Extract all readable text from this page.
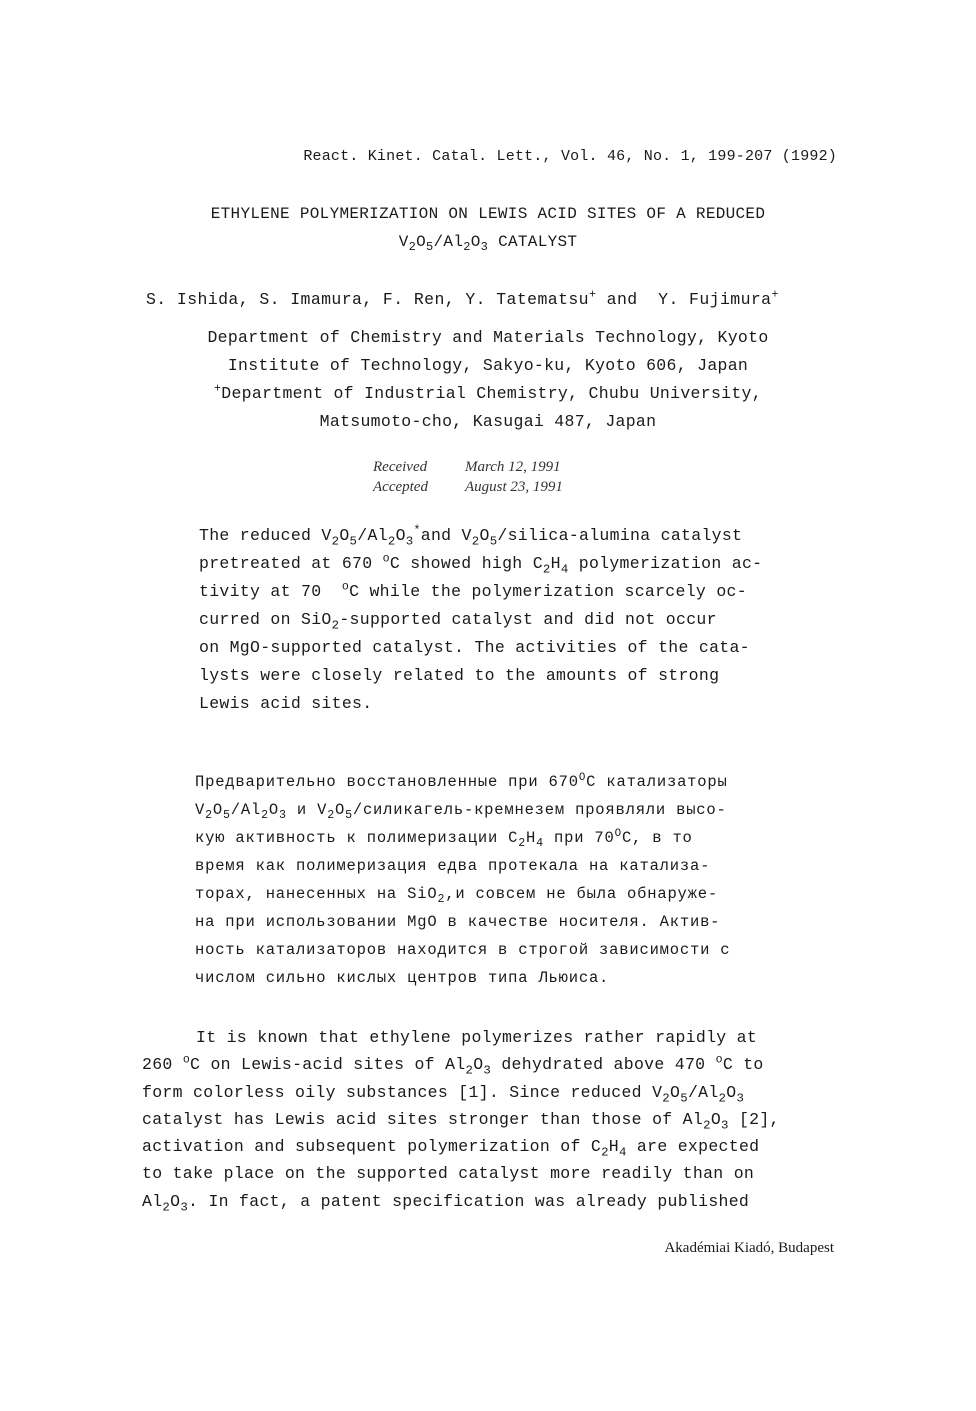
React. Kinet. Catal. Lett., Vol. 46, No. 1, 199-207 (1992)
ETHYLENE POLYMERIZATION ON LEWIS ACID SITES OF A REDUCED
$V_2O_5/Al_2O_3$ CATALYST
S. Ishida, S. Imamura, F. Ren, Y. Tatematsu+ and Y. Fujimura+
Department of Chemistry and Materials Technology, Kyoto
Institute of Technology, Sakyo-ku, Kyoto 606, Japan
+Department of Industrial Chemistry, Chubu University,
Matsumoto-cho, Kasugai 487, Japan
Received	March 12, 1991
Accepted August 23, 1991
The reduced $V_2O_5/Al_2O_3^*and$ $V_2O_5/silica$-alumina catalyst
pretreated at 670 $^o$C showed high $C_2H_4$ polymerization ac-
tivity at 70 $^o$C while the polymerization scarcely oc-
curred on SiO$_2$-supported catalyst and did not occur
on MgO-supported catalyst. The activities of the cata-
lysts were closely related to the amounts of strong
Lewis acid sites.
Предварительно восстановленные при $670^OC$ катализаторы
$V_2O_5/Al_2O_3$ и $V_2O_5/силикагель$-кремнезем проявляли высо-
кую активность к полимеризации $C_2H_4$ при $70^OC$, в то
время как полимеризация едва протекала на катализа-
торах, нанесенных на SiO$_2$,и совсем не была обнаруже-
на при использовании MgO в качестве носителя. Актив-
ность катализаторов находится в строгой зависимости с
числом сильно кислых центров типа Льюиса.
It is known that ethylene polymerizes rather rapidly at
260 $^o$C on Lewis-acid sites of $Al_2O_3$ dehydrated above 470 $^o$C to
form colorless oily substances [1]. Since reduced $V_2O_5/Al_2O_3$
catalyst has Lewis acid sites stronger than those of $Al_2O_3$ [2],
activation and subsequent polymerization of $C_2H_4$ are expected
to take place on the supported catalyst more readily than on
$Al_2O_3$. In fact, a patent specification was already published
Akadémiai Kiadó, Budapest
